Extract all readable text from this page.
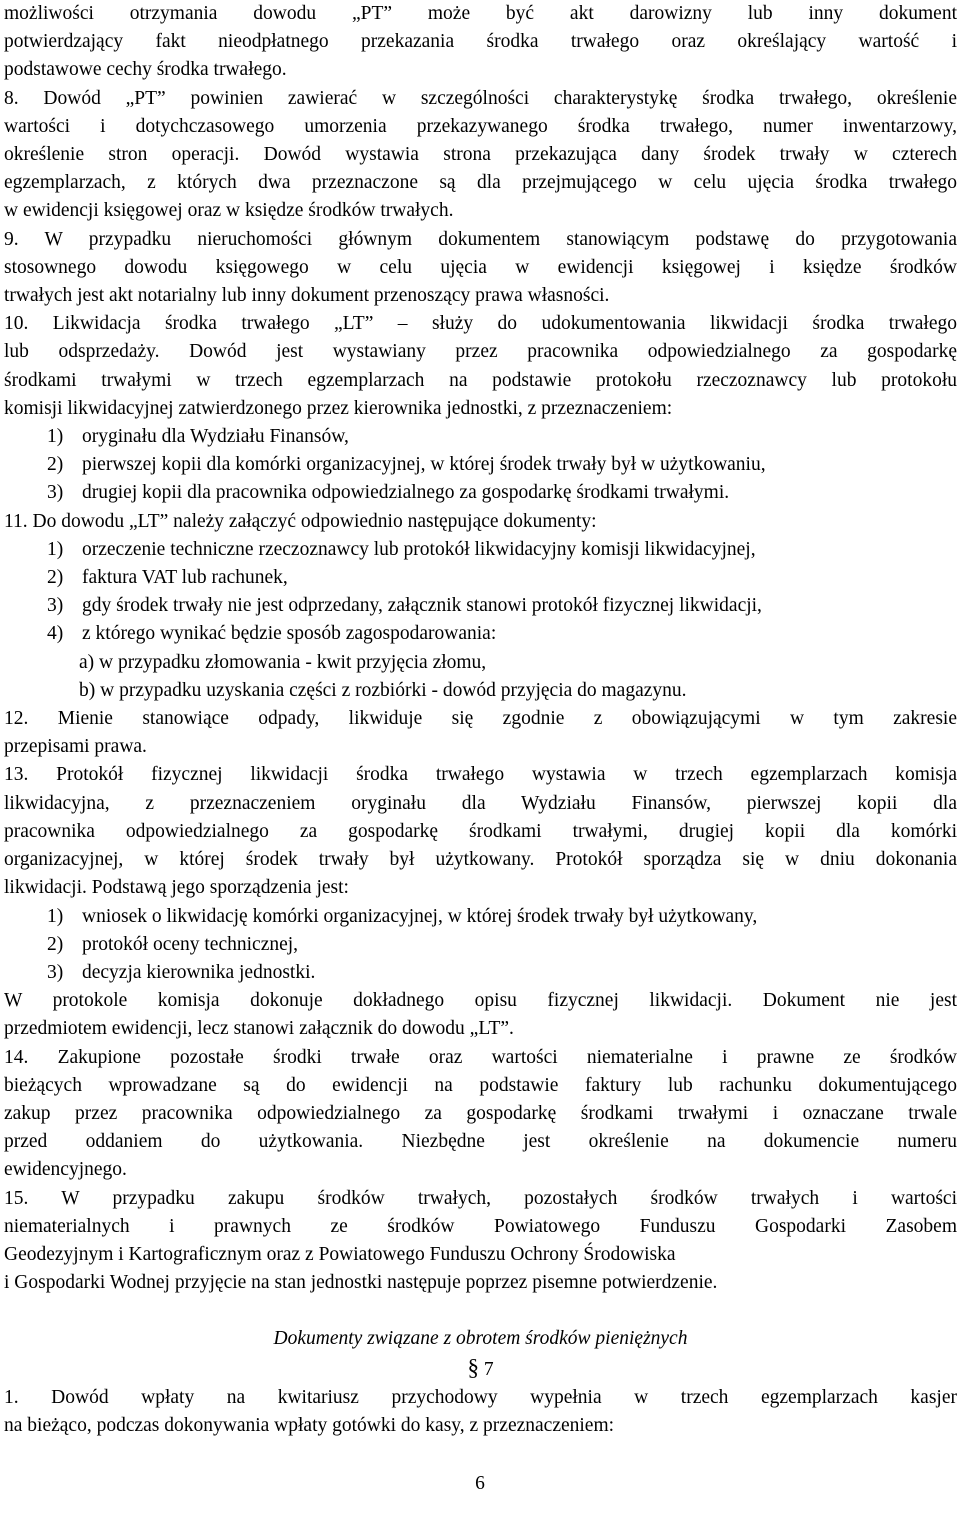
możliwości otrzymania dowodu „PT” może być akt darowizny lub inny dokument

potwierdzający fakt nieodpłatnego przekazania środka trwałego oraz określający wartość i

podstawowe cechy środka trwałego.

8. Dowód „PT” powinien zawierać w szczególności charakterystykę środka trwałego, określenie

wartości i dotychczasowego umorzenia przekazywanego środka trwałego, numer inwentarzowy,

określenie stron operacji. Dowód wystawia strona przekazująca dany środek trwały w czterech

egzemplarzach, z których dwa przeznaczone są dla przejmującego w celu ujęcia środka trwałego

w ewidencji księgowej oraz w księdze środków trwałych.

9. W przypadku nieruchomości głównym dokumentem stanowiącym podstawę do przygotowania

stosownego dowodu księgowego w celu ujęcia w ewidencji księgowej i księdze środków

trwałych jest akt notarialny lub inny dokument przenoszący prawa własności.

10. Likwidacja środka trwałego „LT” – służy do udokumentowania likwidacji środka trwałego

lub odsprzedaży. Dowód jest wystawiany przez pracownika odpowiedzialnego za gospodarkę

środkami trwałymi w trzech egzemplarzach na podstawie protokołu rzeczoznawcy lub protokołu

komisji likwidacyjnej zatwierdzonego przez kierownika jednostki, z przeznaczeniem:

1) oryginału dla Wydziału Finansów,
2) pierwszej kopii dla komórki organizacyjnej, w której środek trwały był w użytkowaniu,
3) drugiej kopii dla pracownika odpowiedzialnego za gospodarkę środkami trwałymi.

11. Do dowodu „LT” należy załączyć odpowiednio następujące dokumenty:

1) orzeczenie techniczne rzeczoznawcy lub protokół likwidacyjny komisji likwidacyjnej,
2) faktura VAT lub rachunek,
3) gdy środek trwały nie jest odprzedany, załącznik stanowi protokół fizycznej likwidacji,
4) z którego wynikać będzie sposób zagospodarowania:

a) w przypadku złomowania - kwit przyjęcia złomu,

b) w przypadku uzyskania części z rozbiórki - dowód przyjęcia do magazynu.

12. Mienie stanowiące odpady, likwiduje się zgodnie z obowiązującymi w tym zakresie

przepisami prawa.

13. Protokół fizycznej likwidacji środka trwałego wystawia w trzech egzemplarzach komisja

likwidacyjna, z przeznaczeniem oryginału dla Wydziału Finansów, pierwszej kopii dla

pracownika odpowiedzialnego za gospodarkę środkami trwałymi, drugiej kopii dla komórki

organizacyjnej, w której środek trwały był użytkowany. Protokół sporządza się w dniu dokonania

likwidacji. Podstawą jego sporządzenia jest:

1) wniosek o likwidację komórki organizacyjnej, w której środek trwały był użytkowany,
2) protokół oceny technicznej,
3) decyzja kierownika jednostki.

W protokole komisja dokonuje dokładnego opisu fizycznej likwidacji. Dokument nie jest

przedmiotem ewidencji, lecz stanowi załącznik do dowodu „LT”.

14. Zakupione pozostałe środki trwałe oraz wartości niematerialne i prawne ze środków

bieżących wprowadzane są do ewidencji na podstawie faktury lub rachunku dokumentującego

zakup przez pracownika odpowiedzialnego za gospodarkę środkami trwałymi i oznaczane trwale

przed oddaniem do użytkowania. Niezbędne jest określenie na dokumencie numeru

ewidencyjnego.

15. W przypadku zakupu środków trwałych, pozostałych środków trwałych i wartości

niematerialnych i prawnych ze środków Powiatowego Funduszu Gospodarki Zasobem

Geodezyjnym i Kartograficznym oraz z Powiatowego Funduszu Ochrony Środowiska

i Gospodarki Wodnej przyjęcie na stan jednostki następuje poprzez pisemne potwierdzenie.

Dokumenty związane z obrotem środków pieniężnych

§ 7

1. Dowód wpłaty na kwitariusz przychodowy wypełnia w trzech egzemplarzach kasjer

na bieżąco, podczas dokonywania wpłaty gotówki do kasy, z przeznaczeniem:

6
